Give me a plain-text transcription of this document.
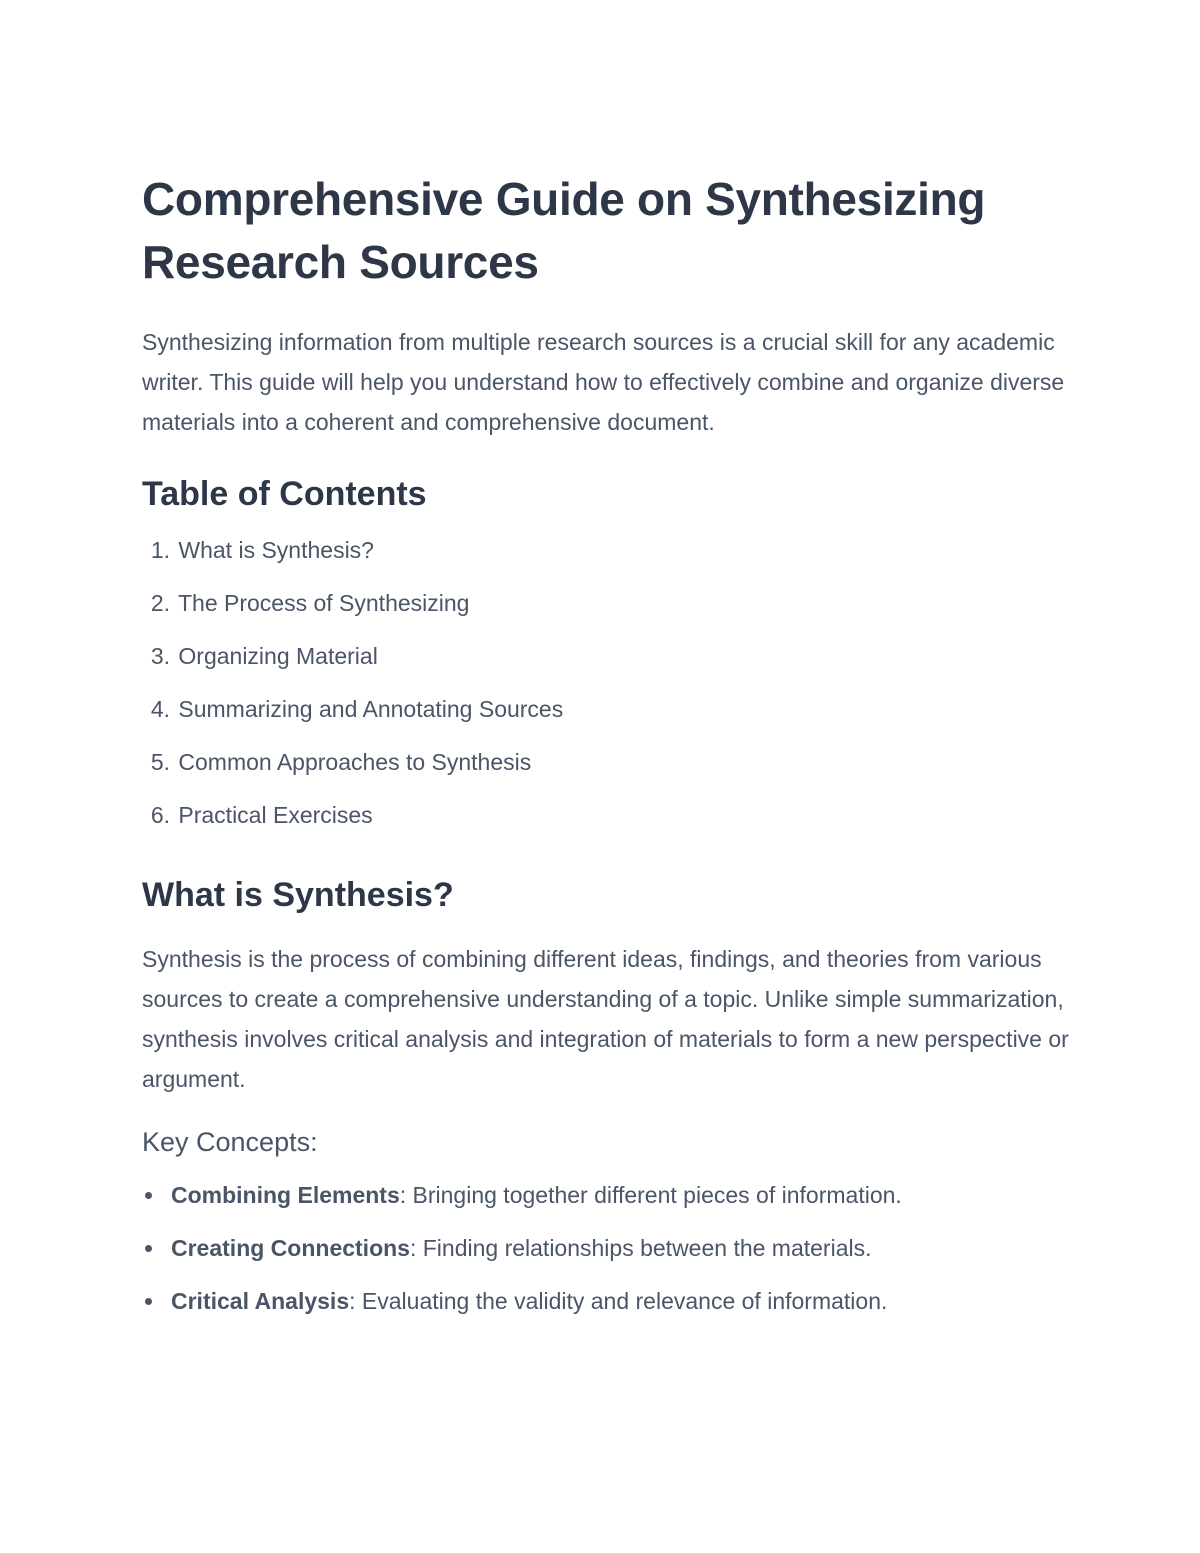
Comprehensive Guide on Synthesizing Research Sources

Synthesizing information from multiple research sources is a crucial skill for any academic writer. This guide will help you understand how to effectively combine and organize diverse materials into a coherent and comprehensive document.

Table of Contents
1. What is Synthesis?
2. The Process of Synthesizing
3. Organizing Material
4. Summarizing and Annotating Sources
5. Common Approaches to Synthesis
6. Practical Exercises
What is Synthesis?

Synthesis is the process of combining different ideas, findings, and theories from various sources to create a comprehensive understanding of a topic. Unlike simple summarization, synthesis involves critical analysis and integration of materials to form a new perspective or argument.

Key Concepts:
Combining Elements: Bringing together different pieces of information.
Creating Connections: Finding relationships between the materials.
Critical Analysis: Evaluating the validity and relevance of information.
